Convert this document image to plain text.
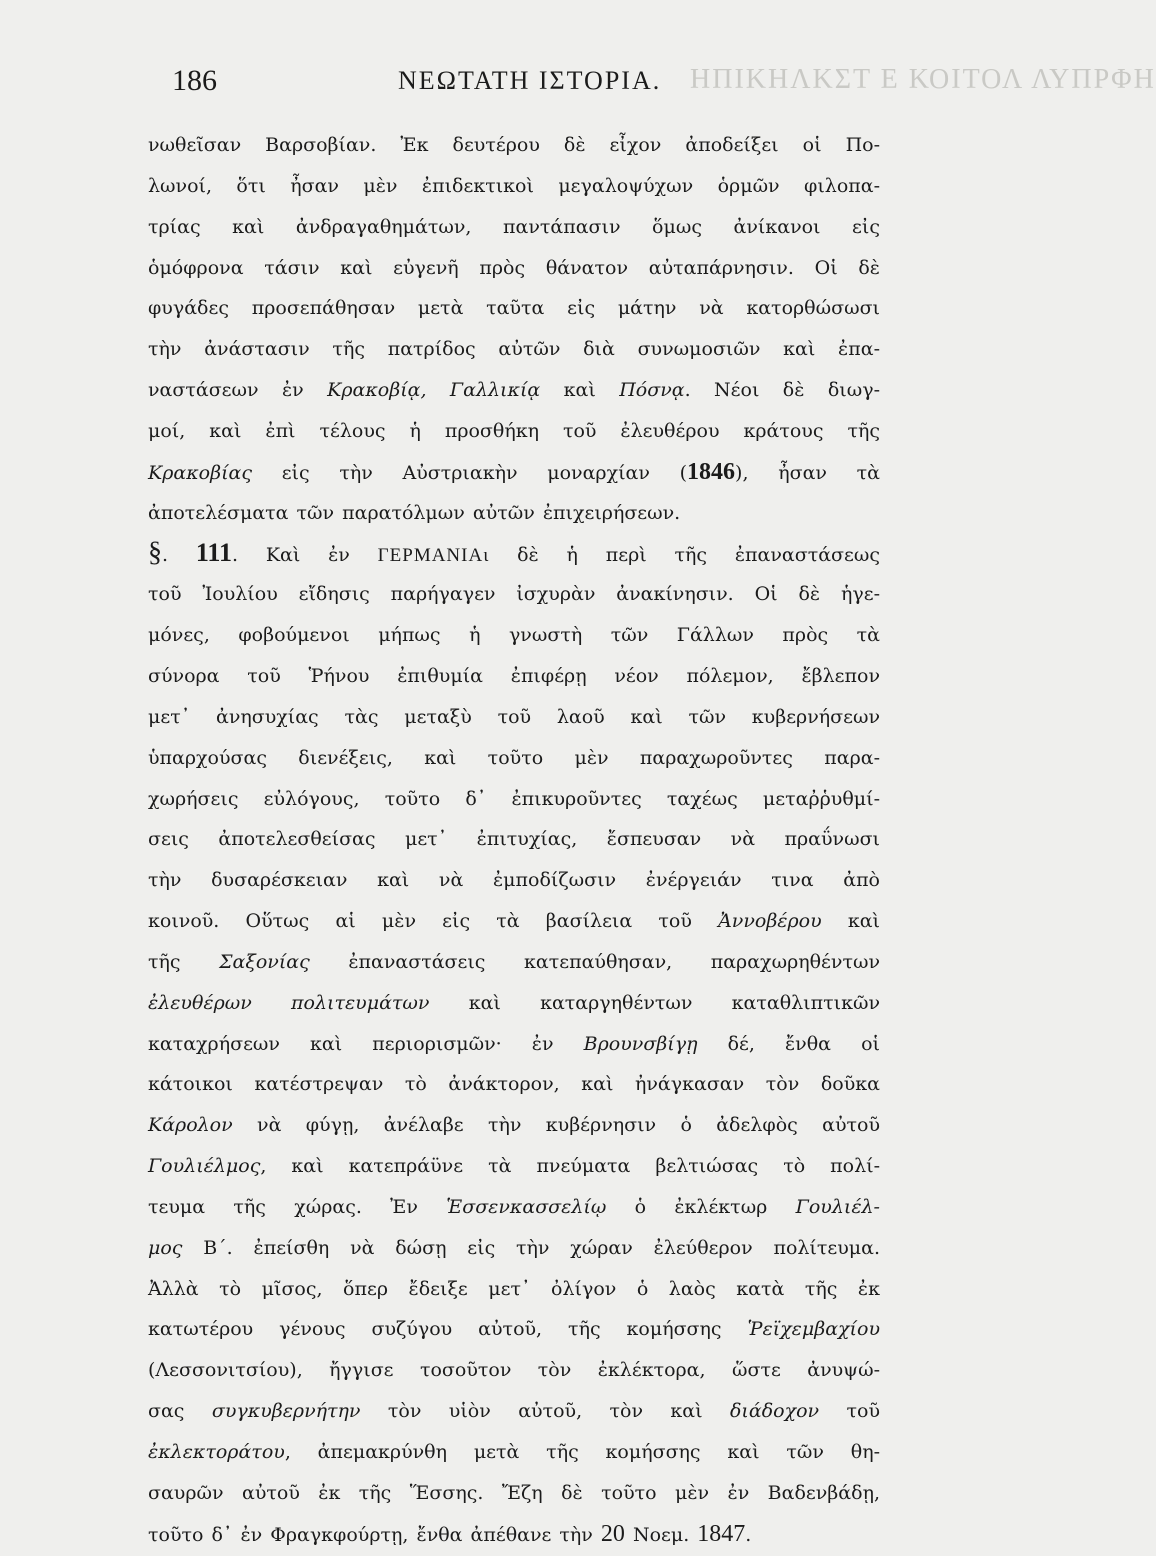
ΗΠΙΚΗΛΚΣΤ Ε ΚΟΙΤΟΛ ΛΥΠΡΦΗ
186	ΝΕΩΤΑΤΗ ΙΣΤΟΡΙΑ.
νωθεῖσαν Βαρσοβίαν. Ἐκ δευτέρου δὲ εἶχον ἀποδείξει οἱ Πο-
λωνοί, ὅτι ἦσαν μὲν ἐπιδεκτικοὶ μεγαλοψύχων ὁρμῶν φιλοπα-
τρίας καὶ ἀνδραγαθημάτων, παντάπασιν ὅμως ἀνίκανοι εἰς
ὁμόφρονα τάσιν καὶ εὐγενῆ πρὸς θάνατον αὐταπάρνησιν. Οἱ δὲ
φυγάδες προσεπάθησαν μετὰ ταῦτα εἰς μάτην νὰ κατορθώσωσι
τὴν ἀνάστασιν τῆς πατρίδος αὐτῶν διὰ συνωμοσιῶν καὶ ἐπα-
ναστάσεων ἐν Κρακοβίᾳ, Γαλλικίᾳ καὶ Πόσνᾳ. Νέοι δὲ διωγ-
μοί, καὶ ἐπὶ τέλους ἡ προσθήκη τοῦ ἐλευθέρου κράτους τῆς
Κρακοβίας εἰς τὴν Αὐστριακὴν μοναρχίαν (1846), ἦσαν τὰ
ἀποτελέσματα τῶν παρατόλμων αὐτῶν ἐπιχειρήσεων.
§. 111. Καὶ ἐν ΓΕΡΜΑΝΙΑι δὲ ἡ περὶ τῆς ἐπαναστάσεως
τοῦ Ἰουλίου εἴδησις παρήγαγεν ἰσχυρὰν ἀνακίνησιν. Οἱ δὲ ἡγε-
μόνες, φοβούμενοι μήπως ἡ γνωστὴ τῶν Γάλλων πρὸς τὰ
σύνορα τοῦ Ῥήνου ἐπιθυμία ἐπιφέρῃ νέον πόλεμον, ἔβλεπον
μετ᾽ ἀνησυχίας τὰς μεταξὺ τοῦ λαοῦ καὶ τῶν κυβερνήσεων
ὑπαρχούσας διενέξεις, καὶ τοῦτο μὲν παραχωροῦντες παρα-
χωρήσεις εὐλόγους, τοῦτο δ᾽ ἐπικυροῦντες ταχέως μεταῤῥυθμί-
σεις ἀποτελεσθείσας μετ᾽ ἐπιτυχίας, ἔσπευσαν νὰ πραΰνωσι
τὴν δυσαρέσκειαν καὶ νὰ ἐμποδίζωσιν ἐνέργειάν τινα ἀπὸ
κοινοῦ. Οὕτως αἱ μὲν εἰς τὰ βασίλεια τοῦ Ἀννοβέρου καὶ
τῆς Σαξονίας ἐπαναστάσεις κατεπαύθησαν, παραχωρηθέντων
ἐλευθέρων πολιτευμάτων καὶ καταργηθέντων καταθλιπτικῶν
καταχρήσεων καὶ περιορισμῶν· ἐν Βρουνσβίγῃ δέ, ἔνθα οἱ
κάτοικοι κατέστρεψαν τὸ ἀνάκτορον, καὶ ἠνάγκασαν τὸν δοῦκα
Κάρολον νὰ φύγῃ, ἀνέλαβε τὴν κυβέρνησιν ὁ ἀδελφὸς αὐτοῦ
Γουλιέλμος, καὶ κατεπράϋνε τὰ πνεύματα βελτιώσας τὸ πολί-
τευμα τῆς χώρας. Ἐν Ἑσσενκασσελίῳ ὁ ἐκλέκτωρ Γουλιέλ-
μος Β΄. ἐπείσθη νὰ δώσῃ εἰς τὴν χώραν ἐλεύθερον πολίτευμα.
Ἀλλὰ τὸ μῖσος, ὅπερ ἔδειξε μετ᾽ ὀλίγον ὁ λαὸς κατὰ τῆς ἐκ
κατωτέρου γένους συζύγου αὐτοῦ, τῆς κομήσσης Ῥεϊχεμβαχίου
(Λεσσονιτσίου), ἤγγισε τοσοῦτον τὸν ἐκλέκτορα, ὥστε ἀνυψώ-
σας συγκυβερνήτην τὸν υἱὸν αὐτοῦ, τὸν καὶ διάδοχον τοῦ
ἐκλεκτοράτου, ἀπεμακρύνθη μετὰ τῆς κομήσσης καὶ τῶν θη-
σαυρῶν αὐτοῦ ἐκ τῆς Ἕσσης. Ἔζη δὲ τοῦτο μὲν ἐν Βαδενβάδῃ,
τοῦτο δ᾽ ἐν Φραγκφούρτῃ, ἔνθα ἀπέθανε τὴν 20 Νοεμ. 1847.
